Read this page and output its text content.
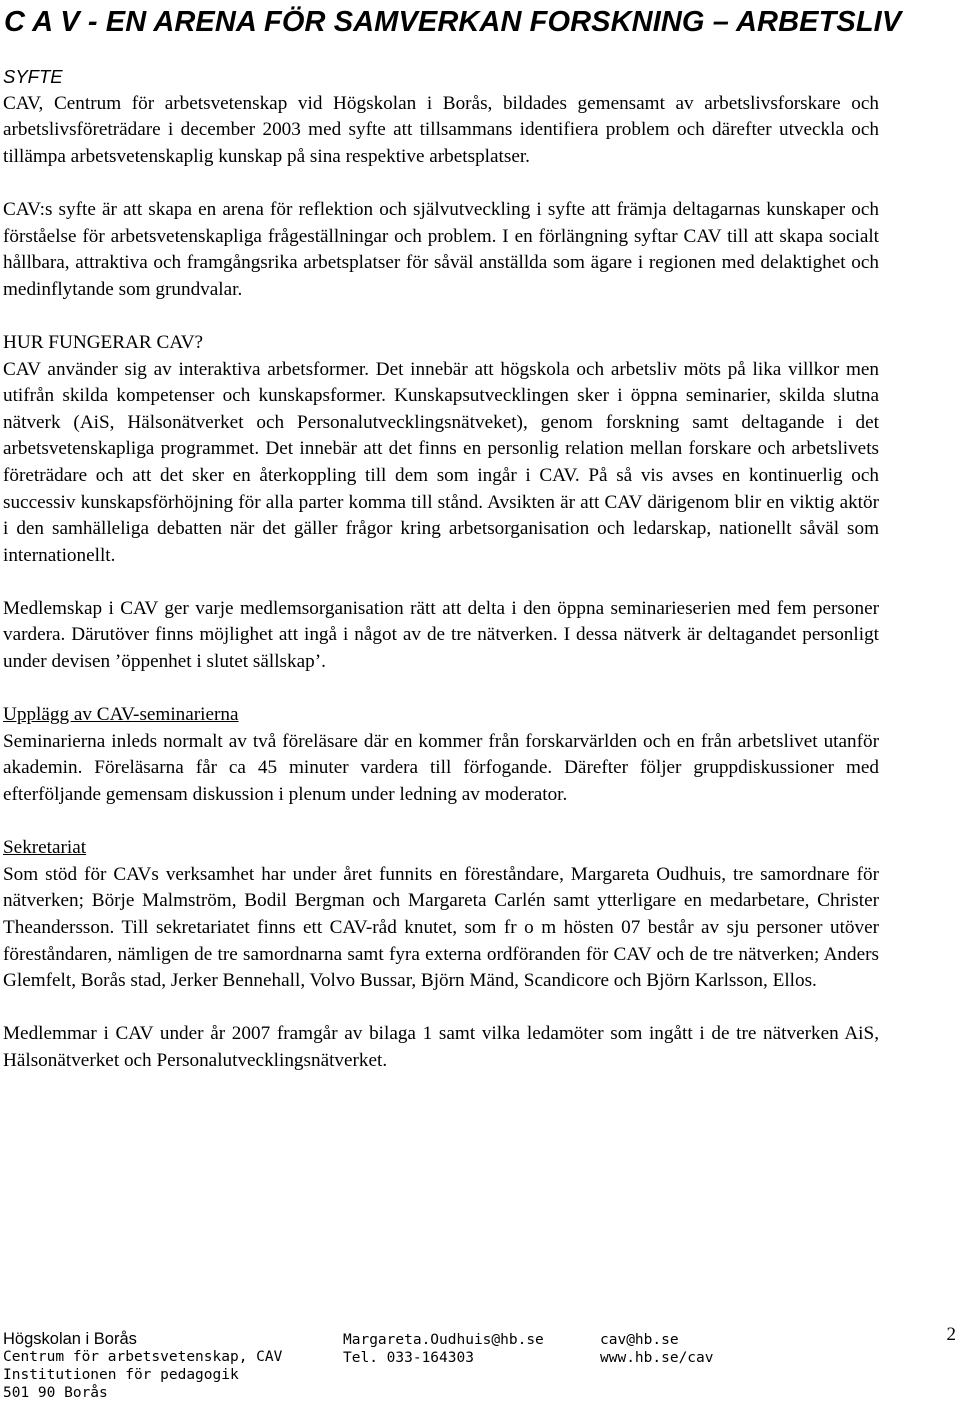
C A V - EN ARENA FÖR SAMVERKAN FORSKNING – ARBETSLIV

SYFTE
CAV, Centrum för arbetsvetenskap vid Högskolan i Borås, bildades gemensamt av arbetslivsforskare och arbetslivsföreträdare i december 2003 med syfte att tillsammans identifiera problem och därefter utveckla och tillämpa arbetsvetenskaplig kunskap på sina respektive arbetsplatser.

CAV:s syfte är att skapa en arena för reflektion och självutveckling i syfte att främja deltagarnas kunskaper och förståelse för arbetsvetenskapliga frågeställningar och problem. I en förlängning syftar CAV till att skapa socialt hållbara, attraktiva och framgångsrika arbetsplatser för såväl anställda som ägare i regionen med delaktighet och medinflytande som grundvalar.

HUR FUNGERAR CAV?
CAV använder sig av interaktiva arbetsformer. Det innebär att högskola och arbetsliv möts på lika villkor men utifrån skilda kompetenser och kunskapsformer. Kunskapsutvecklingen sker i öppna seminarier, skilda slutna nätverk (AiS, Hälsonätverket och Personalutvecklingsnätveket), genom forskning samt deltagande i det arbetsvetenskapliga programmet. Det innebär att det finns en personlig relation mellan forskare och arbetslivets företrädare och att det sker en återkoppling till dem som ingår i CAV. På så vis avses en kontinuerlig och successiv kunskapsförhöjning för alla parter komma till stånd. Avsikten är att CAV därigenom blir en viktig aktör i den samhälleliga debatten när det gäller frågor kring arbetsorganisation och ledarskap, nationellt såväl som internationellt.

Medlemskap i CAV ger varje medlemsorganisation rätt att delta i den öppna seminarieserien med fem personer vardera. Därutöver finns möjlighet att ingå i något av de tre nätverken. I dessa nätverk är deltagandet personligt under devisen ’öppenhet i slutet sällskap’.

Upplägg av CAV-seminarierna
Seminarierna inleds normalt av två föreläsare där en kommer från forskarvärlden och en från arbetslivet utanför akademin. Föreläsarna får ca 45 minuter vardera till förfogande. Därefter följer gruppdiskussioner med efterföljande gemensam diskussion i plenum under ledning av moderator.

Sekretariat
Som stöd för CAVs verksamhet har under året funnits en föreståndare, Margareta Oudhuis, tre samordnare för nätverken; Börje Malmström, Bodil Bergman och Margareta Carlén samt ytterligare en medarbetare, Christer Theandersson. Till sekretariatet finns ett CAV-råd knutet, som fr o m hösten 07 består av sju personer utöver föreståndaren, nämligen de tre samordnarna samt fyra externa ordföranden för CAV och de tre nätverken; Anders Glemfelt, Borås stad, Jerker Bennehall, Volvo Bussar, Björn Mänd, Scandicore och Björn Karlsson, Ellos.

Medlemmar i CAV under år 2007 framgår av bilaga 1 samt vilka ledamöter som ingått i de tre nätverken AiS, Hälsonätverket och Personalutvecklingsnätverket.

Högskolan i Borås
Centrum för arbetsvetenskap, CAV
Institutionen för pedagogik
501 90 Borås
Margareta.Oudhuis@hb.se
Tel. 033-164303
cav@hb.se
www.hb.se/cav
2
